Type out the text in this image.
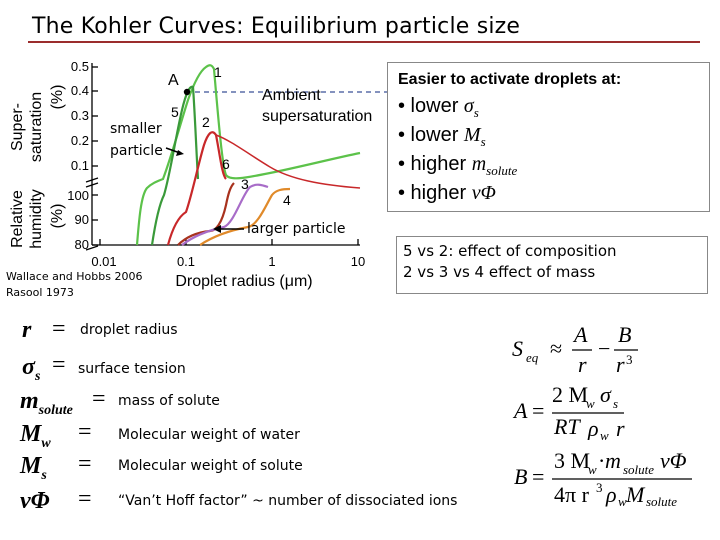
The Kohler Curves: Equilibrium particle size
Super- saturation (%)
Relative humidity (%)
0.5
0.4
0.3
0.2
0.1
100
90
80
0.01	0.1	1	10
Droplet radius (μm)
Ambient supersaturation
A	1
2
3
4
5
6
smaller particle
larger particle
Easier to activate droplets at:
• lower $\sigma_s$
• lower $M_s$
• higher $m_{solute}$
• higher νΦ
5 vs 2: effect of composition
2 vs 3 vs 4 effect of mass
Wallace and Hobbs 2006
Rasool 1973
r = droplet radius
$\sigma_s$ = surface tension
$m_{solute}$ = mass of solute
$M_w$ = Molecular weight of water
$M_s$ = Molecular weight of solute
νΦ = “Van’t Hoff factor” ~ number of dissociated ions
S eq ≈
A
r
−
B
r 3
A =
2 M
w σ s
RT ρ w r
B =
3 M
w · m solute νΦ
4π r 3 ρ w M solute
